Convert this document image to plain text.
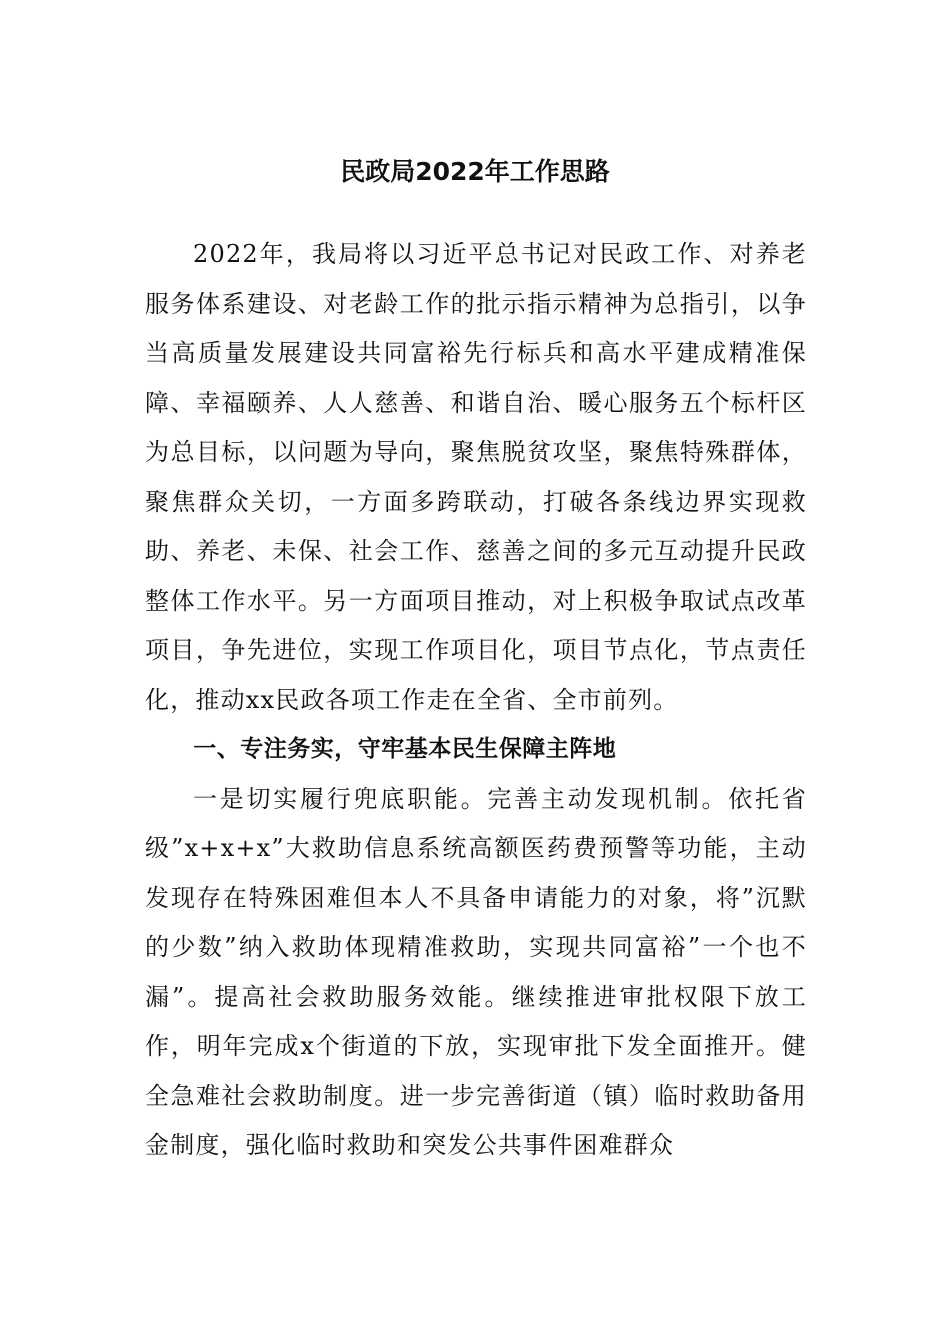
民政局2022年工作思路

2022年，我局将以习近平总书记对民政工作、对养老服务体系建设、对老龄工作的批示指示精神为总指引，以争当高质量发展建设共同富裕先行标兵和高水平建成精准保障、幸福颐养、人人慈善、和谐自治、暖心服务五个标杆区为总目标，以问题为导向，聚焦脱贫攻坚，聚焦特殊群体，聚焦群众关切，一方面多跨联动，打破各条线边界实现救助、养老、未保、社会工作、慈善之间的多元互动提升民政整体工作水平。另一方面项目推动，对上积极争取试点改革项目，争先进位，实现工作项目化，项目节点化，节点责任化，推动xx民政各项工作走在全省、全市前列。

一、专注务实，守牢基本民生保障主阵地

一是切实履行兜底职能。完善主动发现机制。依托省级”x+x+x”大救助信息系统高额医药费预警等功能，主动发现存在特殊困难但本人不具备申请能力的对象，将”沉默的少数”纳入救助体现精准救助，实现共同富裕”一个也不漏”。提高社会救助服务效能。继续推进审批权限下放工作，明年完成x个街道的下放，实现审批下发全面推开。健全急难社会救助制度。进一步完善街道（镇）临时救助备用金制度，强化临时救助和突发公共事件困难群众
